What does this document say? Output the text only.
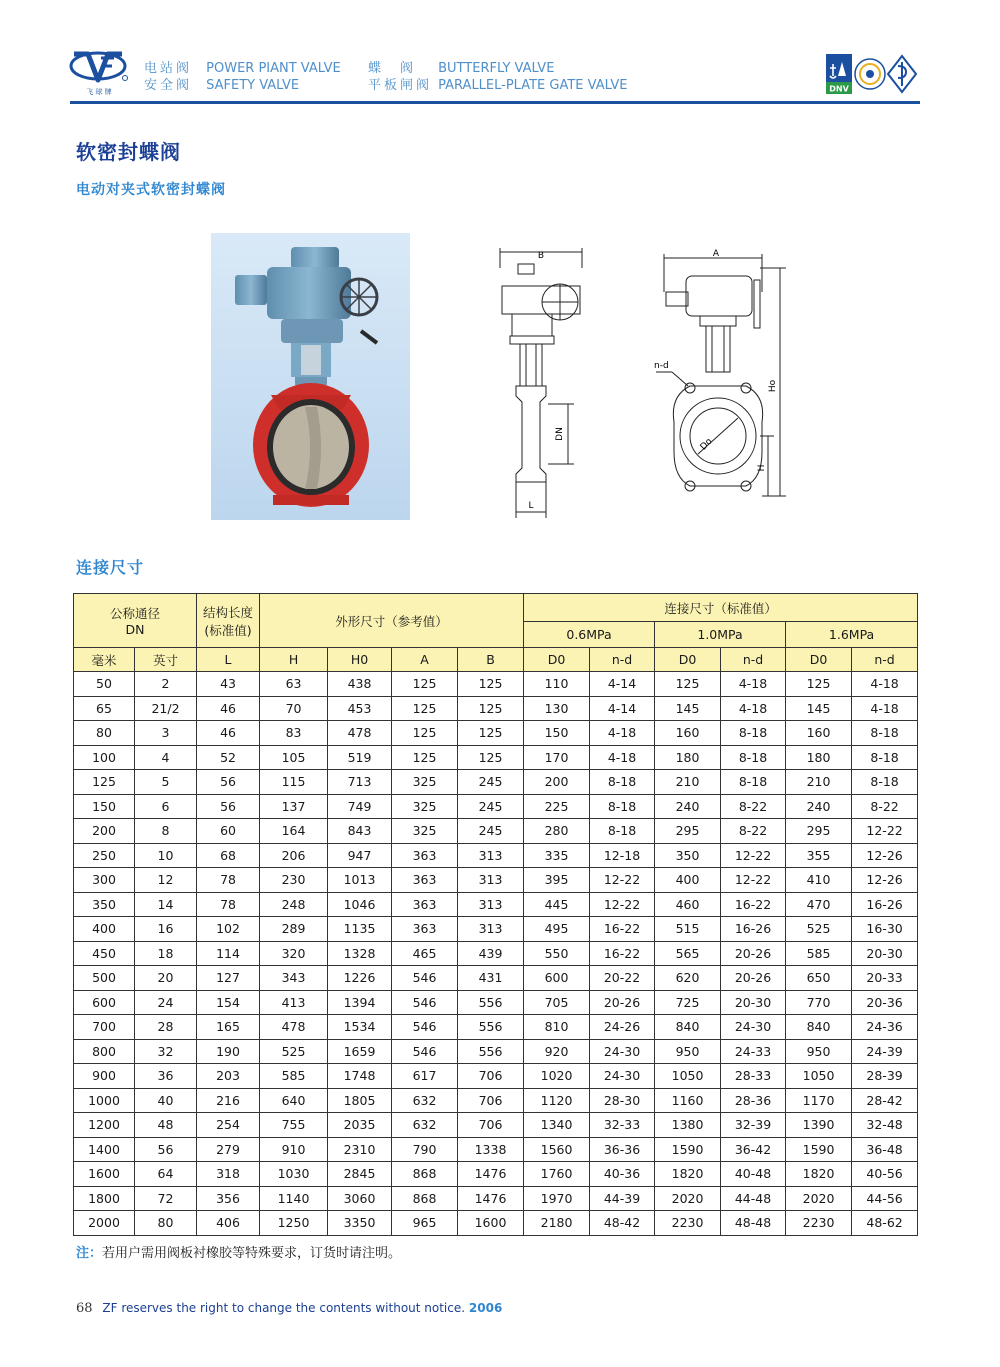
飞 球 牌
电站阀 POWER PIANT VALVE
安全阀 SAFETY VALVE
蝶　阀 BUTTERFLY VALVE
平板闸阀 PARALLEL-PLATE GATE VALVE	DNV
软密封蝶阀
电动对夹式软密封蝶阀
B
DN
L
A
n-d
Ho
H
Do
连接尺寸
公称通径
DN		结构长度
(标准值)	外形尺寸（参考值）				连接尺寸（标准值）					
							0.6MPa		1.0MPa		1.6MPa	
毫米	英寸	L	H	H0	A	B	D0	n-d	D0	n-d	D0	n-d
50	2	43	63	438	125	125	110	4-14	125	4-18	125	4-18
65	21/2	46	70	453	125	125	130	4-14	145	4-18	145	4-18
80	3	46	83	478	125	125	150	4-18	160	8-18	160	8-18
100	4	52	105	519	125	125	170	4-18	180	8-18	180	8-18
125	5	56	115	713	325	245	200	8-18	210	8-18	210	8-18
150	6	56	137	749	325	245	225	8-18	240	8-22	240	8-22
200	8	60	164	843	325	245	280	8-18	295	8-22	295	12-22
250	10	68	206	947	363	313	335	12-18	350	12-22	355	12-26
300	12	78	230	1013	363	313	395	12-22	400	12-22	410	12-26
350	14	78	248	1046	363	313	445	12-22	460	16-22	470	16-26
400	16	102	289	1135	363	313	495	16-22	515	16-26	525	16-30
450	18	114	320	1328	465	439	550	16-22	565	20-26	585	20-30
500	20	127	343	1226	546	431	600	20-22	620	20-26	650	20-33
600	24	154	413	1394	546	556	705	20-26	725	20-30	770	20-36
700	28	165	478	1534	546	556	810	24-26	840	24-30	840	24-36
800	32	190	525	1659	546	556	920	24-30	950	24-33	950	24-39
900	36	203	585	1748	617	706	1020	24-30	1050	28-33	1050	28-39
1000	40	216	640	1805	632	706	1120	28-30	1160	28-36	1170	28-42
1200	48	254	755	2035	632	706	1340	32-33	1380	32-39	1390	32-48
1400	56	279	910	2310	790	1338	1560	36-36	1590	36-42	1590	36-48
1600	64	318	1030	2845	868	1476	1760	40-36	1820	40-48	1820	40-56
1800	72	356	1140	3060	868	1476	1970	44-39	2020	44-48	2020	44-56
2000	80	406	1250	3350	965	1600	2180	48-42	2230	48-48	2230	48-62
注：若用户需用阀板衬橡胶等特殊要求，订货时请注明。
68 ZF reserves the right to change the contents without notice. 2006
